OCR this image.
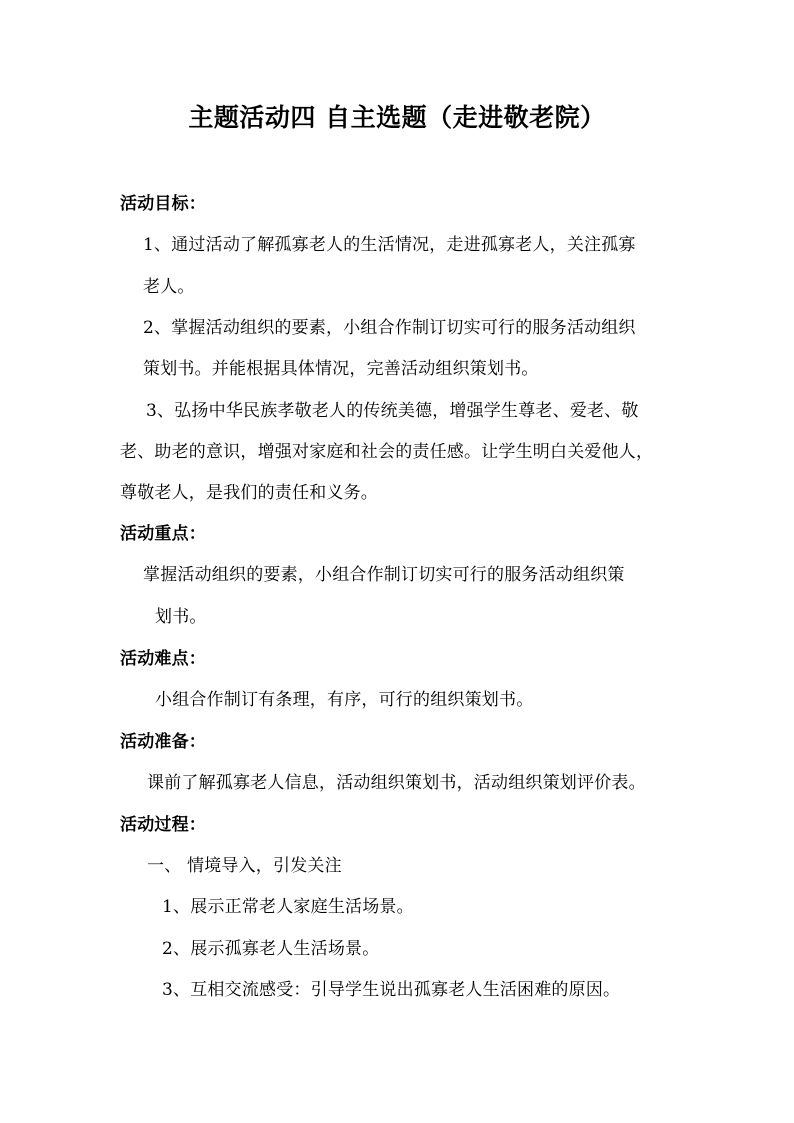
主题活动四 自主选题（走进敬老院）
活动目标：
1、通过活动了解孤寡老人的生活情况，走进孤寡老人，关注孤寡
老人。
2、掌握活动组织的要素，小组合作制订切实可行的服务活动组织
策划书。并能根据具体情况，完善活动组织策划书。
3、弘扬中华民族孝敬老人的传统美德，增强学生尊老、爱老、敬
老、助老的意识，增强对家庭和社会的责任感。让学生明白关爱他人，
尊敬老人，是我们的责任和义务。
活动重点：
掌握活动组织的要素，小组合作制订切实可行的服务活动组织策
划书。
活动难点：
小组合作制订有条理，有序，可行的组织策划书。
活动准备：
课前了解孤寡老人信息，活动组织策划书，活动组织策划评价表。
活动过程：
一、 情境导入，引发关注
1、展示正常老人家庭生活场景。
2、展示孤寡老人生活场景。
3、互相交流感受：引导学生说出孤寡老人生活困难的原因。
